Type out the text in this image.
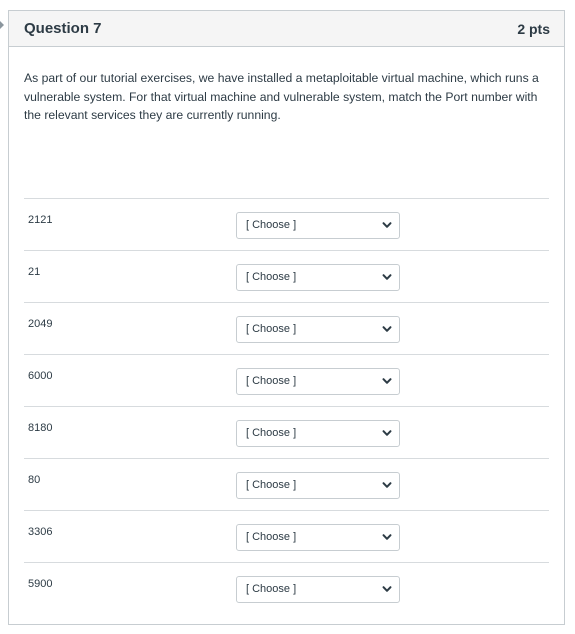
Question 7	2 pts

As part of our tutorial exercises, we have installed a metaploitable virtual machine, which runs a vulnerable system. For that virtual machine and vulnerable system, match the Port number with the relevant services they are currently running.

2121	[ Choose ]
21	[ Choose ]
2049	[ Choose ]
6000	[ Choose ]
8180	[ Choose ]
80	[ Choose ]
3306	[ Choose ]
5900	[ Choose ]
